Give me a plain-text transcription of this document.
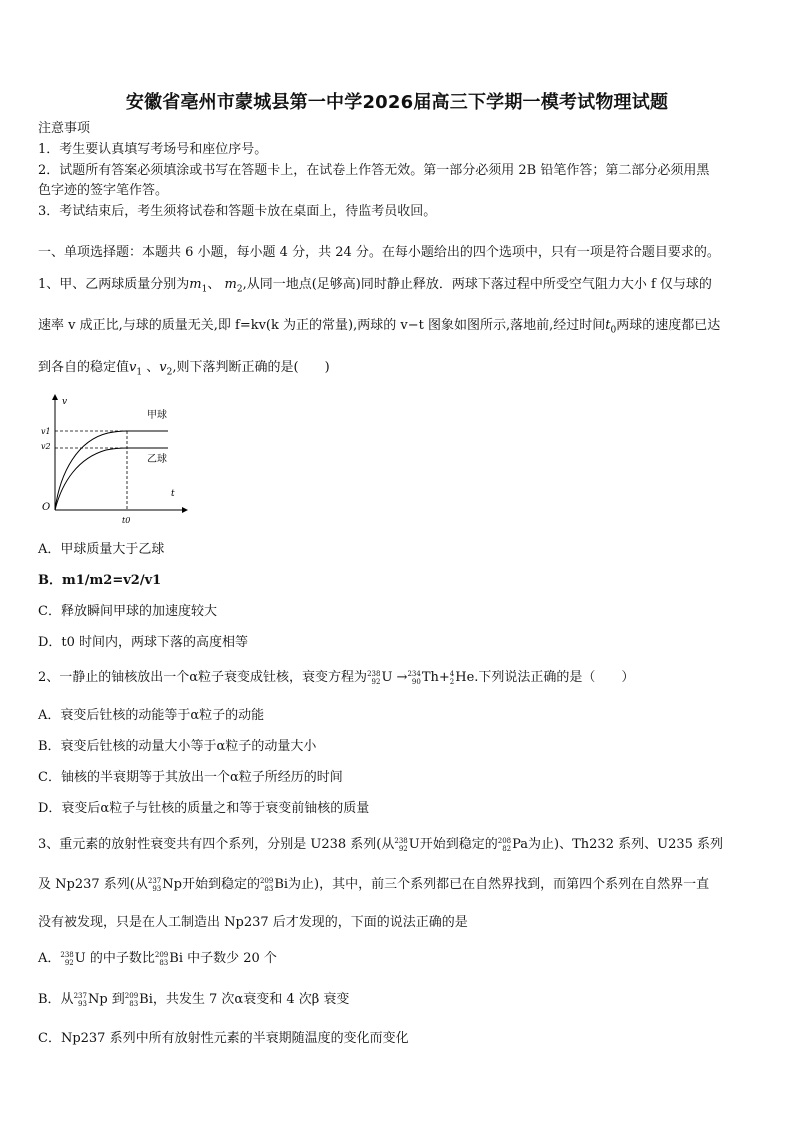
安徽省亳州市蒙城县第一中学2026届高三下学期一模考试物理试题
注意事项
1．考生要认真填写考场号和座位序号。
2．试题所有答案必须填涂或书写在答题卡上，在试卷上作答无效。第一部分必须用 2B 铅笔作答；第二部分必须用黑
色字迹的签字笔作答。
3．考试结束后，考生须将试卷和答题卡放在桌面上，待监考员收回。
一、单项选择题：本题共 6 小题，每小题 4 分，共 24 分。在每小题给出的四个选项中，只有一项是符合题目要求的。
1、甲、乙两球质量分别为$m_1$、 $m_2$,从同一地点(足够高)同时静止释放．两球下落过程中所受空气阻力大小 f 仅与球的
速率 v 成正比,与球的质量无关,即 f=kv(k 为正的常量),两球的 v−t 图象如图所示,落地前,经过时间$t_0$两球的速度都已达
到各自的稳定值$v_1$ 、$v_2$,则下落判断正确的是(　　)
v
t
O
v1
v2
t0
甲球
乙球
A．甲球质量大于乙球
B．m1/m2=v2/v1
C．释放瞬间甲球的加速度较大
D．t0 时间内，两球下落的高度相等
2、一静止的铀核放出一个α粒子衰变成钍核，衰变方程为 238
92 U → 234
90 Th+ 4
2 He.下列说法正确的是（　　）
A．衰变后钍核的动能等于α粒子的动能
B．衰变后钍核的动量大小等于α粒子的动量大小
C．铀核的半衰期等于其放出一个α粒子所经历的时间
D．衰变后α粒子与钍核的质量之和等于衰变前铀核的质量
3、重元素的放射性衰变共有四个系列，分别是 U238 系列(从 238
92 U开始到稳定的 208
82 Pa为止)、Th232 系列、U235 系列
及 Np237 系列(从 237
93 Np开始到稳定的 209
83 Bi为止)，其中，前三个系列都已在自然界找到，而第四个系列在自然界一直
没有被发现，只是在人工制造出 Np237 后才发现的，下面的说法正确的是
A． 238
92 U 的中子数比 209
83 Bi 中子数少 20 个
B．从 237
93 Np 到 209
83 Bi，共发生 7 次α衰变和 4 次β 衰变
C．Np237 系列中所有放射性元素的半衰期随温度的变化而变化
